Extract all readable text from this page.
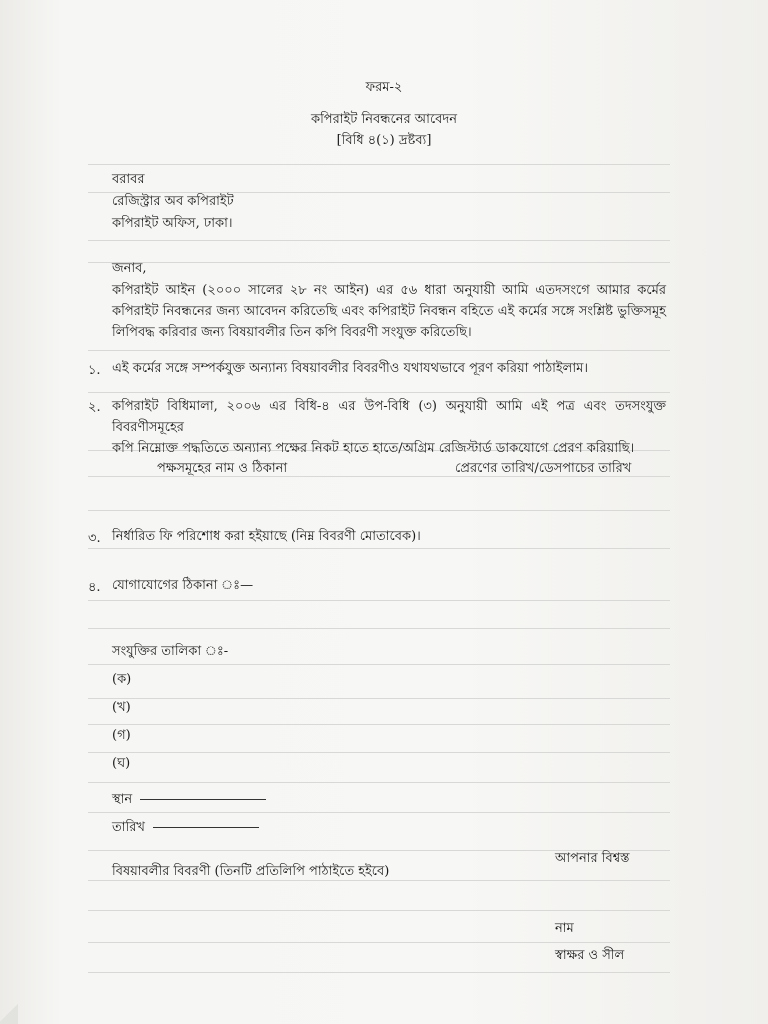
ফরম-২
কপিরাইট নিবন্ধনের আবেদন
[বিধি ৪(১) দ্রষ্টব্য]
বরাবর
রেজিস্ট্রার অব কপিরাইট
কপিরাইট অফিস, ঢাকা।
জনাব,
কপিরাইট আইন (২০০০ সালের ২৮ নং আইন) এর ৫৬ ধারা অনুযায়ী আমি এতদসংগে আমার কর্মের
কপিরাইট নিবন্ধনের জন্য আবেদন করিতেছি এবং কপিরাইট নিবন্ধন বহিতে এই কর্মের সঙ্গে সংশ্লিষ্ট ভুক্তিসমূহ
লিপিবদ্ধ করিবার জন্য বিষয়াবলীর তিন কপি বিবরণী সংযুক্ত করিতেছি।
১. এই কর্মের সঙ্গে সম্পর্কযুক্ত অন্যান্য বিষয়াবলীর বিবরণীও যথাযথভাবে পূরণ করিয়া পাঠাইলাম।
২. কপিরাইট বিধিমালা, ২০০৬ এর বিধি-৪ এর উপ-বিধি (৩) অনুযায়ী আমি এই পত্র এবং তদসংযুক্ত বিবরণীসমূহের
কপি নিম্নোক্ত পদ্ধতিতে অন্যান্য পক্ষের নিকট হাতে হাতে/অগ্রিম রেজিস্টার্ড ডাকযোগে প্রেরণ করিয়াছি।
পক্ষসমূহের নাম ও ঠিকানা	প্রেরণের তারিখ/ডেসপাচের তারিখ
৩. নির্ধারিত ফি পরিশোধ করা হইয়াছে (নিম্ন বিবরণী মোতাবেক)।
৪. যোগাযোগের ঠিকানা ঃ—
সংযুক্তির তালিকা ঃ-
(ক)
(খ)
(গ)
(ঘ)
স্থান
তারিখ
আপনার বিশ্বস্ত
বিষয়াবলীর বিবরণী (তিনটি প্রতিলিপি পাঠাইতে হইবে)
নাম
স্বাক্ষর ও সীল
